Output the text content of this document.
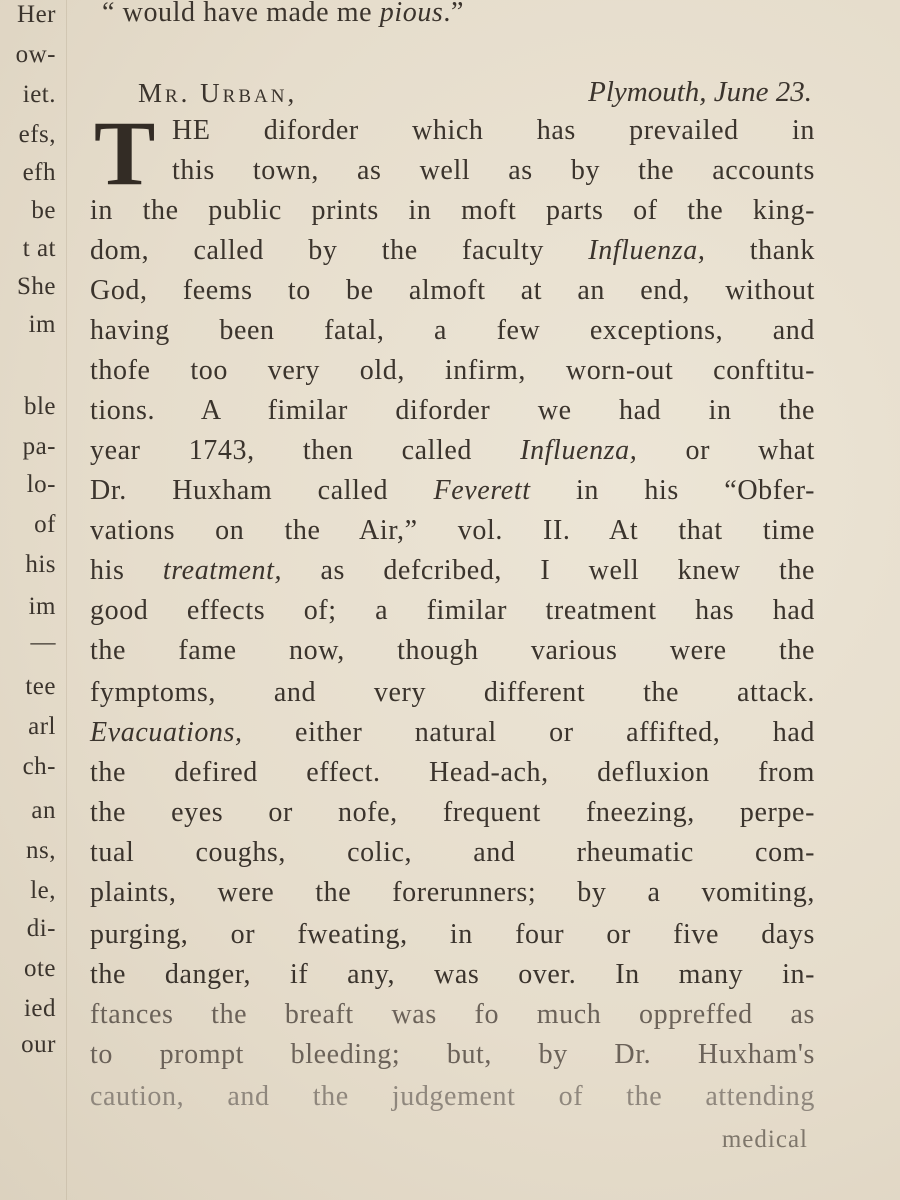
Her
ow-
iet.
efs,
efh
be
t at
She
im
ble
pa-
lo-
of
his
im
—
tee
arl
ch-
an
ns,
le,
di-
ote
ied
our
“ would have made me pious.”
Mr. Urban,	Plymouth, June 23.
T HE diforder which has prevailed in
this town, as well as by the accounts
in the public prints in moft parts of the king-
dom, called by the faculty Influenza, thank
God, feems to be almoft at an end, without
having been fatal, a few exceptions, and
thofe too very old, infirm, worn-out conftitu-
tions. A fimilar diforder we had in the
year 1743, then called Influenza, or what
Dr. Huxham called Feverett in his “Obfer-
vations on the Air,” vol. II. At that time
his treatment, as defcribed, I well knew the
good effects of; a fimilar treatment has had
the fame now, though various were the
fymptoms, and very different the attack.
Evacuations, either natural or affifted, had
the defired effect. Head-ach, defluxion from
the eyes or nofe, frequent fneezing, perpe-
tual coughs, colic, and rheumatic com-
plaints, were the forerunners; by a vomiting,
purging, or fweating, in four or five days
the danger, if any, was over. In many in-
ftances the breaft was fo much oppreffed as
to prompt bleeding; but, by Dr. Huxham's
caution, and the judgement of the attending
medical
